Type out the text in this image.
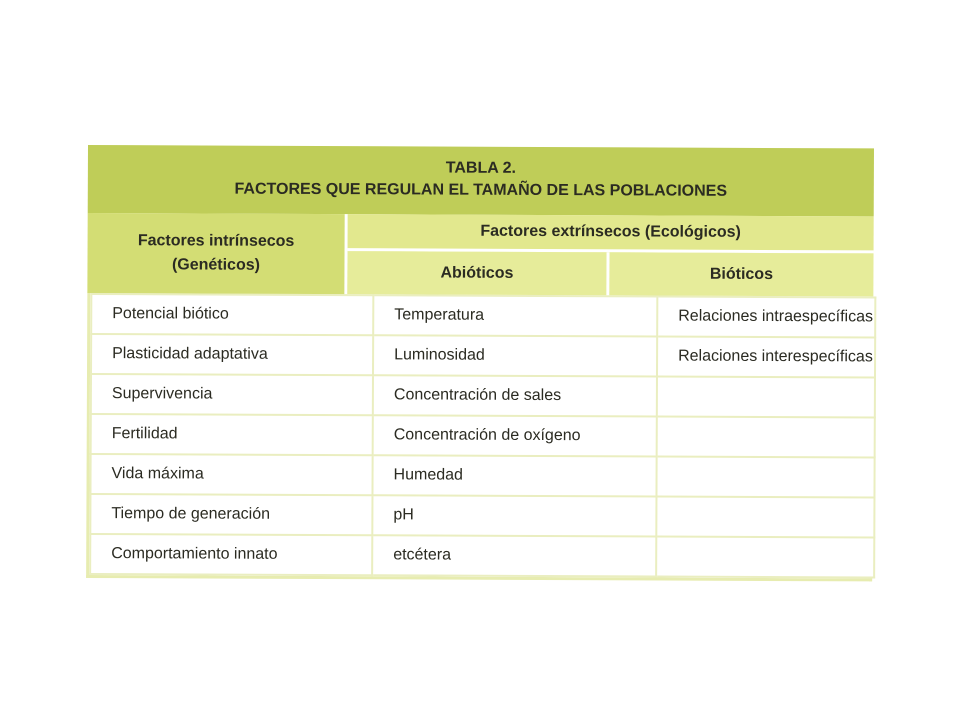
TABLA 2.
FACTORES QUE REGULAN EL TAMAÑO DE LAS POBLACIONES
Factores intrínsecos
(Genéticos)
Factores extrínsecos (Ecológicos)
Abióticos	Bióticos
Potencial biótico	Temperatura	Relaciones intraespecíficas
Plasticidad adaptativa	Luminosidad	Relaciones interespecíficas
Supervivencia	Concentración de sales	
Fertilidad	Concentración de oxígeno	
Vida máxima	Humedad	
Tiempo de generación	pH	
Comportamiento innato	etcétera	
